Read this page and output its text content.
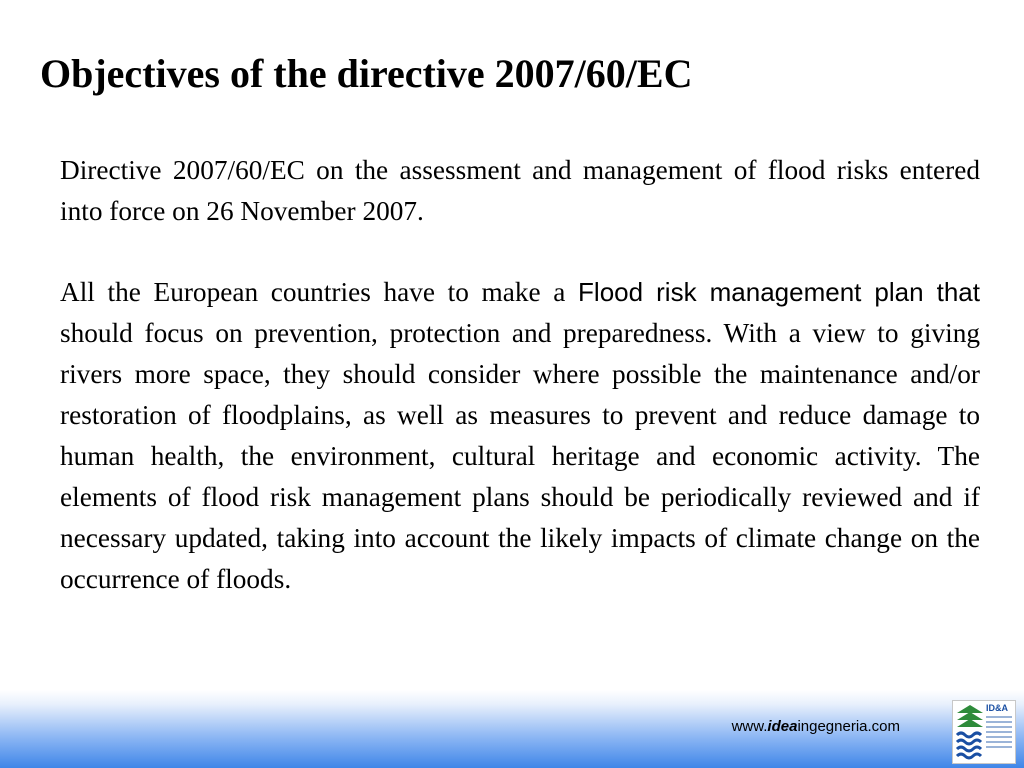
Objectives of the directive 2007/60/EC

Directive 2007/60/EC on the assessment and management of flood risks entered into force on 26 November 2007.

All the European countries have to make a Flood risk management plan that should focus on prevention, protection and preparedness. With a view to giving rivers more space, they should consider where possible the maintenance and/or restoration of floodplains, as well as measures to prevent and reduce damage to human health, the environment, cultural heritage and economic activity. The elements of flood risk management plans should be periodically reviewed and if necessary updated, taking into account the likely impacts of climate change on the occurrence of floods.

www.ideaingegneria.com
ID&A
